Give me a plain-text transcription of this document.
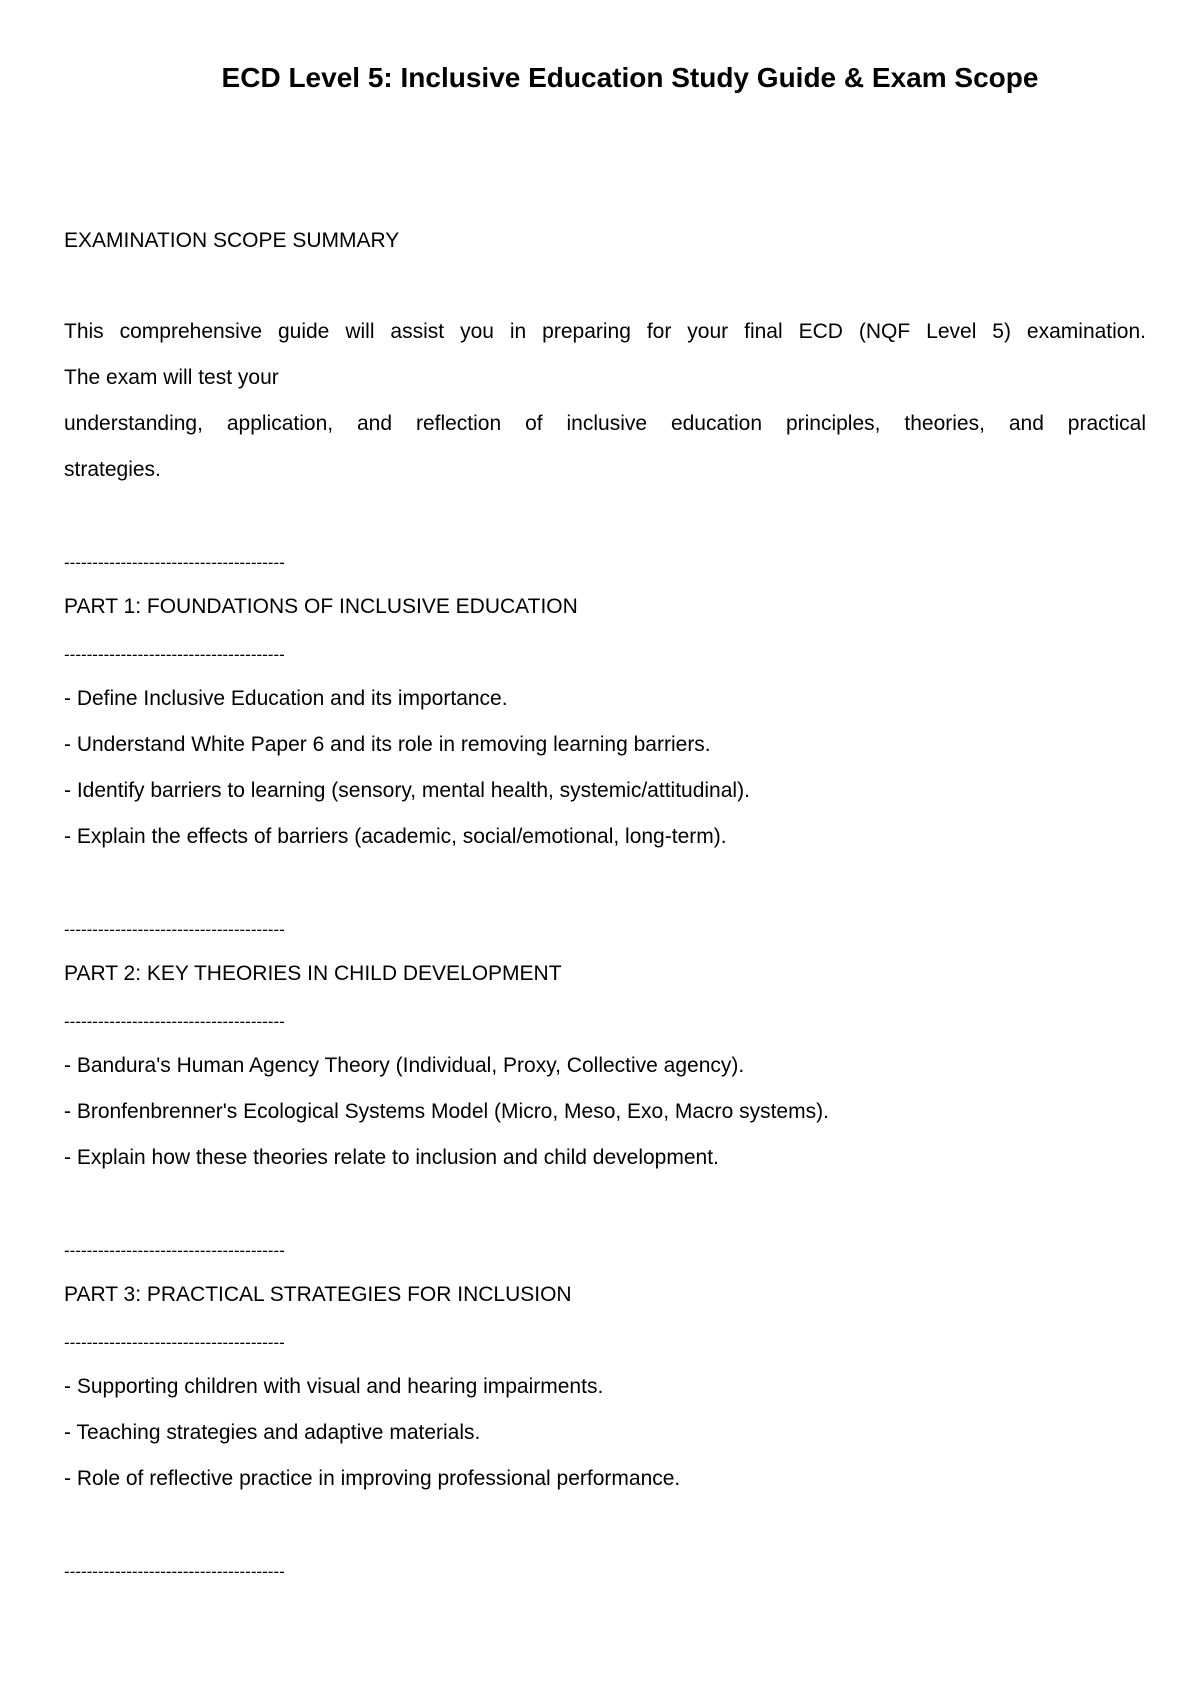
ECD Level 5: Inclusive Education Study Guide & Exam Scope

EXAMINATION SCOPE SUMMARY

This comprehensive guide will assist you in preparing for your final ECD (NQF Level 5) examination.

The exam will test your

understanding, application, and reflection of inclusive education principles, theories, and practical

strategies.

---------------------------------------

PART 1: FOUNDATIONS OF INCLUSIVE EDUCATION

---------------------------------------

- Define Inclusive Education and its importance.

- Understand White Paper 6 and its role in removing learning barriers.

- Identify barriers to learning (sensory, mental health, systemic/attitudinal).

- Explain the effects of barriers (academic, social/emotional, long-term).

---------------------------------------

PART 2: KEY THEORIES IN CHILD DEVELOPMENT

---------------------------------------

- Bandura's Human Agency Theory (Individual, Proxy, Collective agency).

- Bronfenbrenner's Ecological Systems Model (Micro, Meso, Exo, Macro systems).

- Explain how these theories relate to inclusion and child development.

---------------------------------------

PART 3: PRACTICAL STRATEGIES FOR INCLUSION

---------------------------------------

- Supporting children with visual and hearing impairments.

- Teaching strategies and adaptive materials.

- Role of reflective practice in improving professional performance.

---------------------------------------
